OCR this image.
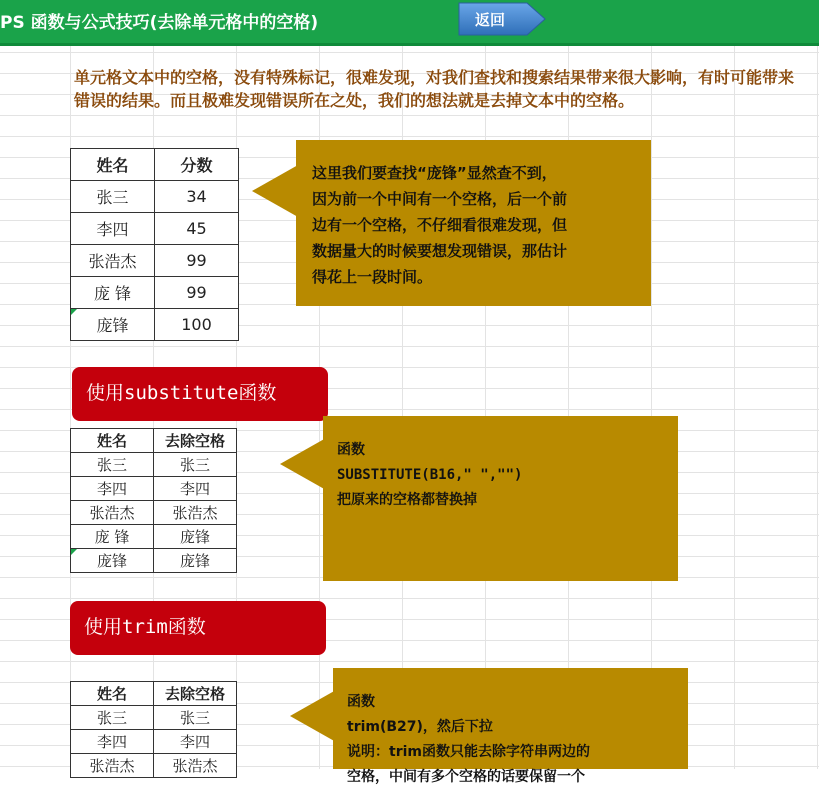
PS 函数与公式技巧(去除单元格中的空格)	返回
单元格文本中的空格，没有特殊标记，很难发现，对我们查找和搜索结果带来很大影响，有时可能带来错误的结果。而且极难发现错误所在之处，我们的想法就是去掉文本中的空格。
姓名	分数
张三	34
李四	45
张浩杰	99
庞 锋	99

庞锋	100
这里我们要查找“庞锋”显然查不到，
因为前一个中间有一个空格，后一个前
边有一个空格，不仔细看很难发现，但
数据量大的时候要想发现错误，那估计
得花上一段时间。
使用substitute函数
姓名	去除空格
张三	张三
李四	李四
张浩杰	张浩杰
庞 锋	庞锋

庞锋	庞锋
函数
SUBSTITUTE(B16," ","")
把原来的空格都替换掉
使用trim函数
姓名	去除空格
张三	张三
李四	李四
张浩杰	张浩杰
函数
trim(B27)，然后下拉
说明：trim函数只能去除字符串两边的
空格，中间有多个空格的话要保留一个
